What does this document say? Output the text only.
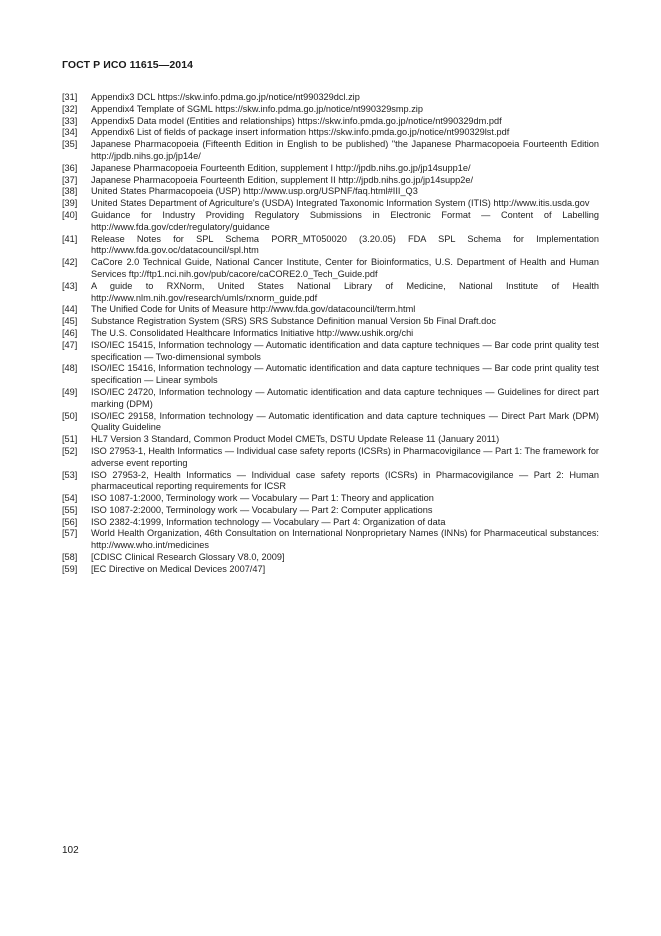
ГОСТ Р ИСО 11615—2014
[31]	Appendix3 DCL https://skw.info.pdma.go.jp/notice/nt990329dcl.zip
[32]	Appendix4 Template of SGML https://skw.info.pdma.go.jp/notice/nt990329smp.zip
[33]	Appendix5 Data model (Entities and relationships) https://skw.info.pmda.go.jp/notice/nt990329dm.pdf
[34]	Appendix6 List of fields of package insert information https://skw.info.pmda.go.jp/notice/nt990329lst.pdf
[35]	Japanese Pharmacopoeia (Fifteenth Edition in English to be published) "the Japanese Pharmacopoeia Fourteenth Edition http://jpdb.nihs.go.jp/jp14e/
[36]	Japanese Pharmacopoeia Fourteenth Edition, supplement I http://jpdb.nihs.go.jp/jp14supp1e/
[37]	Japanese Pharmacopoeia Fourteenth Edition, supplement II http://jpdb.nihs.go.jp/jp14supp2e/
[38]	United States Pharmacopoeia (USP) http://www.usp.org/USPNF/faq.html#III_Q3
[39]	United States Department of Agriculture's (USDA) Integrated Taxonomic Information System (ITIS) http://www.itis.usda.gov
[40]	Guidance for Industry Providing Regulatory Submissions in Electronic Format — Content of Labelling http://www.fda.gov/cder/regulatory/guidance
[41]	Release Notes for SPL Schema PORR_MT050020 (3.20.05) FDA SPL Schema for Implementation http://www.fda.gov.oc/datacouncil/spl.htm
[42]	CaCore 2.0 Technical Guide, National Cancer Institute, Center for Bioinformatics, U.S. Department of Health and Human Services ftp://ftp1.nci.nih.gov/pub/cacore/caCORE2.0_Tech_Guide.pdf
[43]	A guide to RXNorm, United States National Library of Medicine, National Institute of Health http://www.nlm.nih.gov/research/umls/rxnorm_guide.pdf
[44]	The Unified Code for Units of Measure http://www.fda.gov/datacouncil/term.html
[45]	Substance Registration System (SRS) SRS Substance Definition manual Version 5b Final Draft.doc
[46]	The U.S. Consolidated Healthcare Informatics Initiative http://www.ushik.org/chi
[47]	ISO/IEC 15415, Information technology — Automatic identification and data capture techniques — Bar code print quality test specification — Two-dimensional symbols
[48]	ISO/IEC 15416, Information technology — Automatic identification and data capture techniques — Bar code print quality test specification — Linear symbols
[49]	ISO/IEC 24720, Information technology — Automatic identification and data capture techniques — Guidelines for direct part marking (DPM)
[50]	ISO/IEC 29158, Information technology — Automatic identification and data capture techniques — Direct Part Mark (DPM) Quality Guideline
[51]	HL7 Version 3 Standard, Common Product Model CMETs, DSTU Update Release 11 (January 2011)
[52]	ISO 27953-1, Health Informatics — Individual case safety reports (ICSRs) in Pharmacovigilance — Part 1: The framework for adverse event reporting
[53]	ISO 27953-2, Health Informatics — Individual case safety reports (ICSRs) in Pharmacovigilance — Part 2: Human pharmaceutical reporting requirements for ICSR
[54]	ISO 1087-1:2000, Terminology work — Vocabulary — Part 1: Theory and application
[55]	ISO 1087-2:2000, Terminology work — Vocabulary — Part 2: Computer applications
[56]	ISO 2382-4:1999, Information technology — Vocabulary — Part 4: Organization of data
[57]	World Health Organization, 46th Consultation on International Nonproprietary Names (INNs) for Pharmaceutical substances: http://www.who.int/medicines
[58]	[CDISC Clinical Research Glossary V8.0, 2009]
[59]	[EC Directive on Medical Devices 2007/47]
102
